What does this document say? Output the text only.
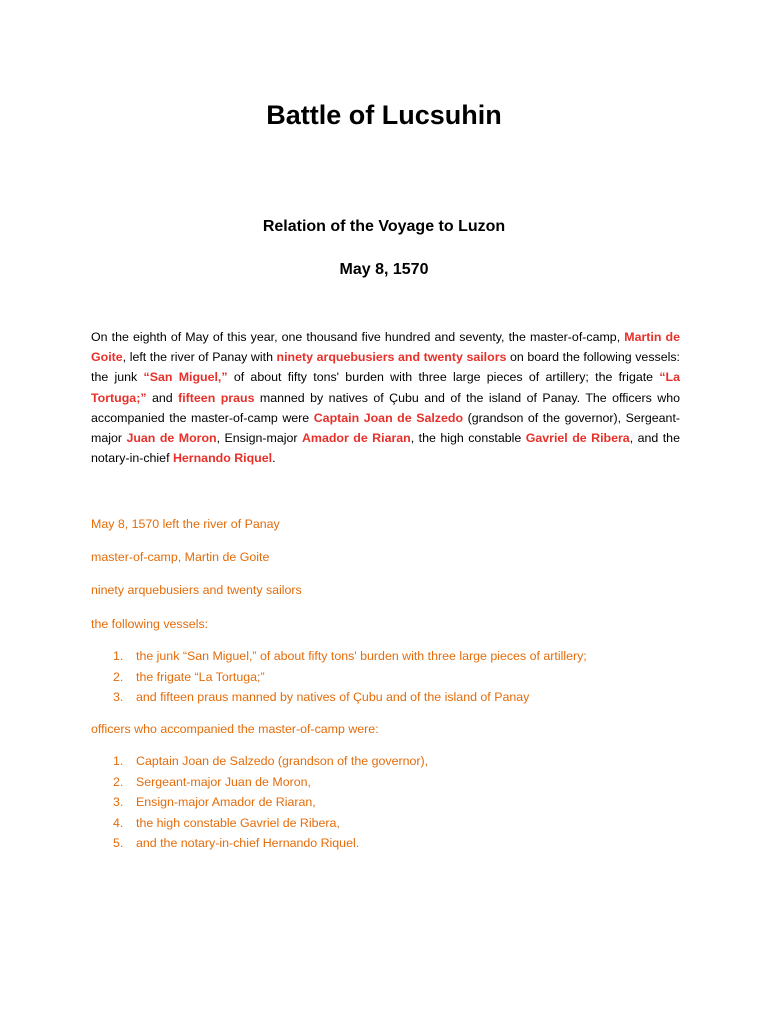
Battle of Lucsuhin
Relation of the Voyage to Luzon
May 8, 1570

On the eighth of May of this year, one thousand five hundred and seventy, the master-of-camp, Martin de Goite, left the river of Panay with ninety arquebusiers and twenty sailors on board the following vessels: the junk “San Miguel,” of about fifty tons' burden with three large pieces of artillery; the frigate “La Tortuga;” and fifteen praus manned by natives of Çubu and of the island of Panay. The officers who accompanied the master-of-camp were Captain Joan de Salzedo (grandson of the governor), Sergeant-major Juan de Moron, Ensign-major Amador de Riaran, the high constable Gavriel de Ribera, and the notary-in-chief Hernando Riquel.

May 8, 1570 left the river of Panay

master-of-camp, Martin de Goite

ninety arquebusiers and twenty sailors

the following vessels:

1. the junk “San Miguel,” of about fifty tons' burden with three large pieces of artillery;
2. the frigate “La Tortuga;”
3. and fifteen praus manned by natives of Çubu and of the island of Panay

officers who accompanied the master-of-camp were:

1. Captain Joan de Salzedo (grandson of the governor),
2. Sergeant-major Juan de Moron,
3. Ensign-major Amador de Riaran,
4. the high constable Gavriel de Ribera,
5. and the notary-in-chief Hernando Riquel.
